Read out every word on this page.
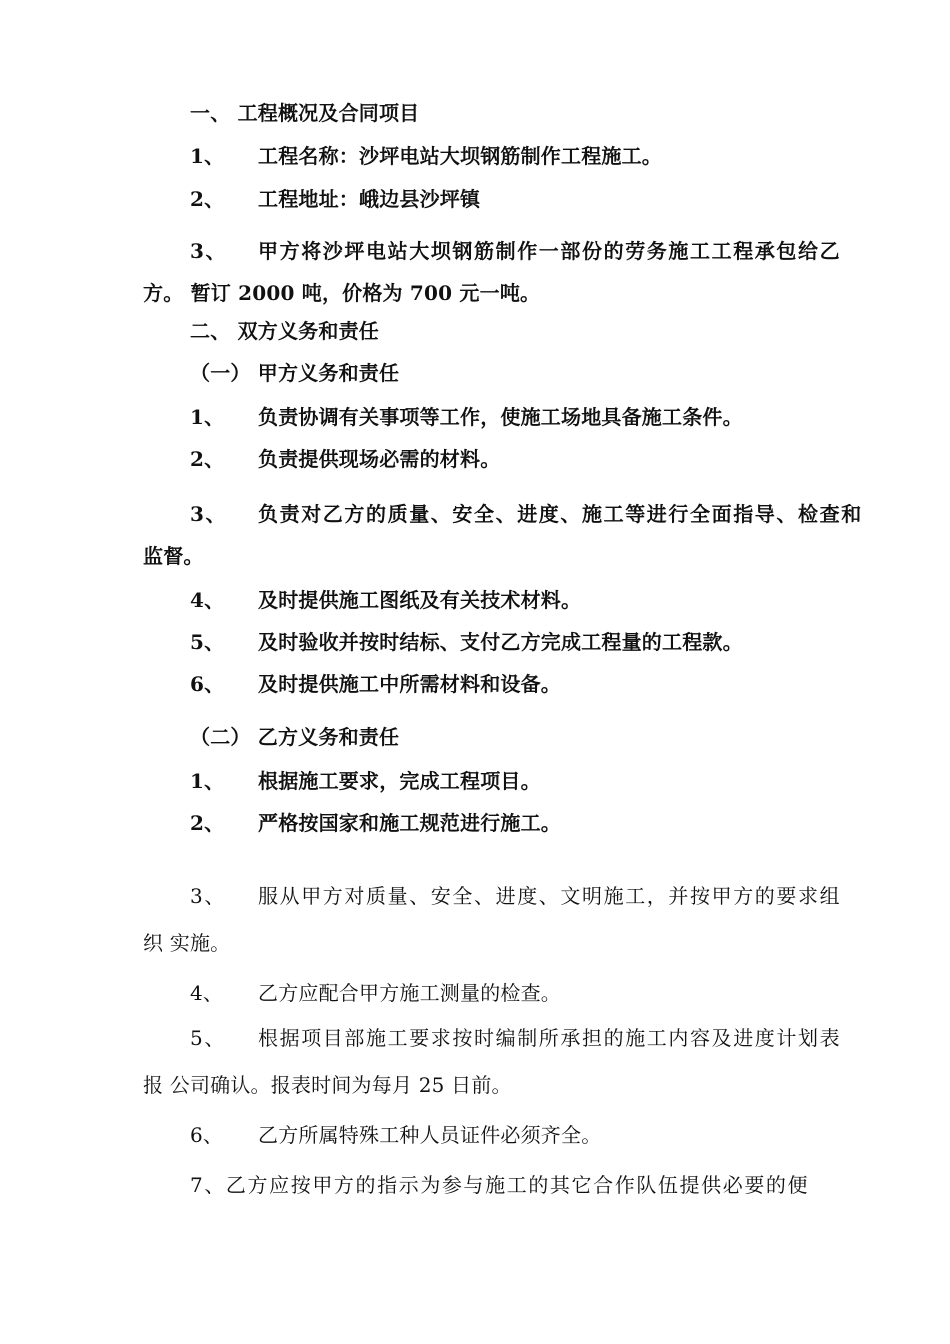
一、 工程概况及合同项目
1、 工程名称：沙坪电站大坝钢筋制作工程施工。
2、 工程地址：峨边县沙坪镇
3、 甲方将沙坪电站大坝钢筋制作一部份的劳务施工工程承包给乙
方。 暂订 2000 吨，价格为 700 元一吨。
二、 双方义务和责任
（一） 甲方义务和责任
1、 负责协调有关事项等工作，使施工场地具备施工条件。
2、 负责提供现场必需的材料。
3、 负责对乙方的质量、安全、进度、施工等进行全面指导、检查和
监督。
4、 及时提供施工图纸及有关技术材料。
5、 及时验收并按时结标、支付乙方完成工程量的工程款。
6、 及时提供施工中所需材料和设备。
（二） 乙方义务和责任
1、 根据施工要求，完成工程项目。
2、 严格按国家和施工规范进行施工。
3、 服从甲方对质量、安全、进度、文明施工，并按甲方的要求组
织 实施。
4、 乙方应配合甲方施工测量的检查。
5、 根据项目部施工要求按时编制所承担的施工内容及进度计划表
报 公司确认。报表时间为每月 25 日前。
6、 乙方所属特殊工种人员证件必须齐全。
7、乙方应按甲方的指示为参与施工的其它合作队伍提供必要的便
